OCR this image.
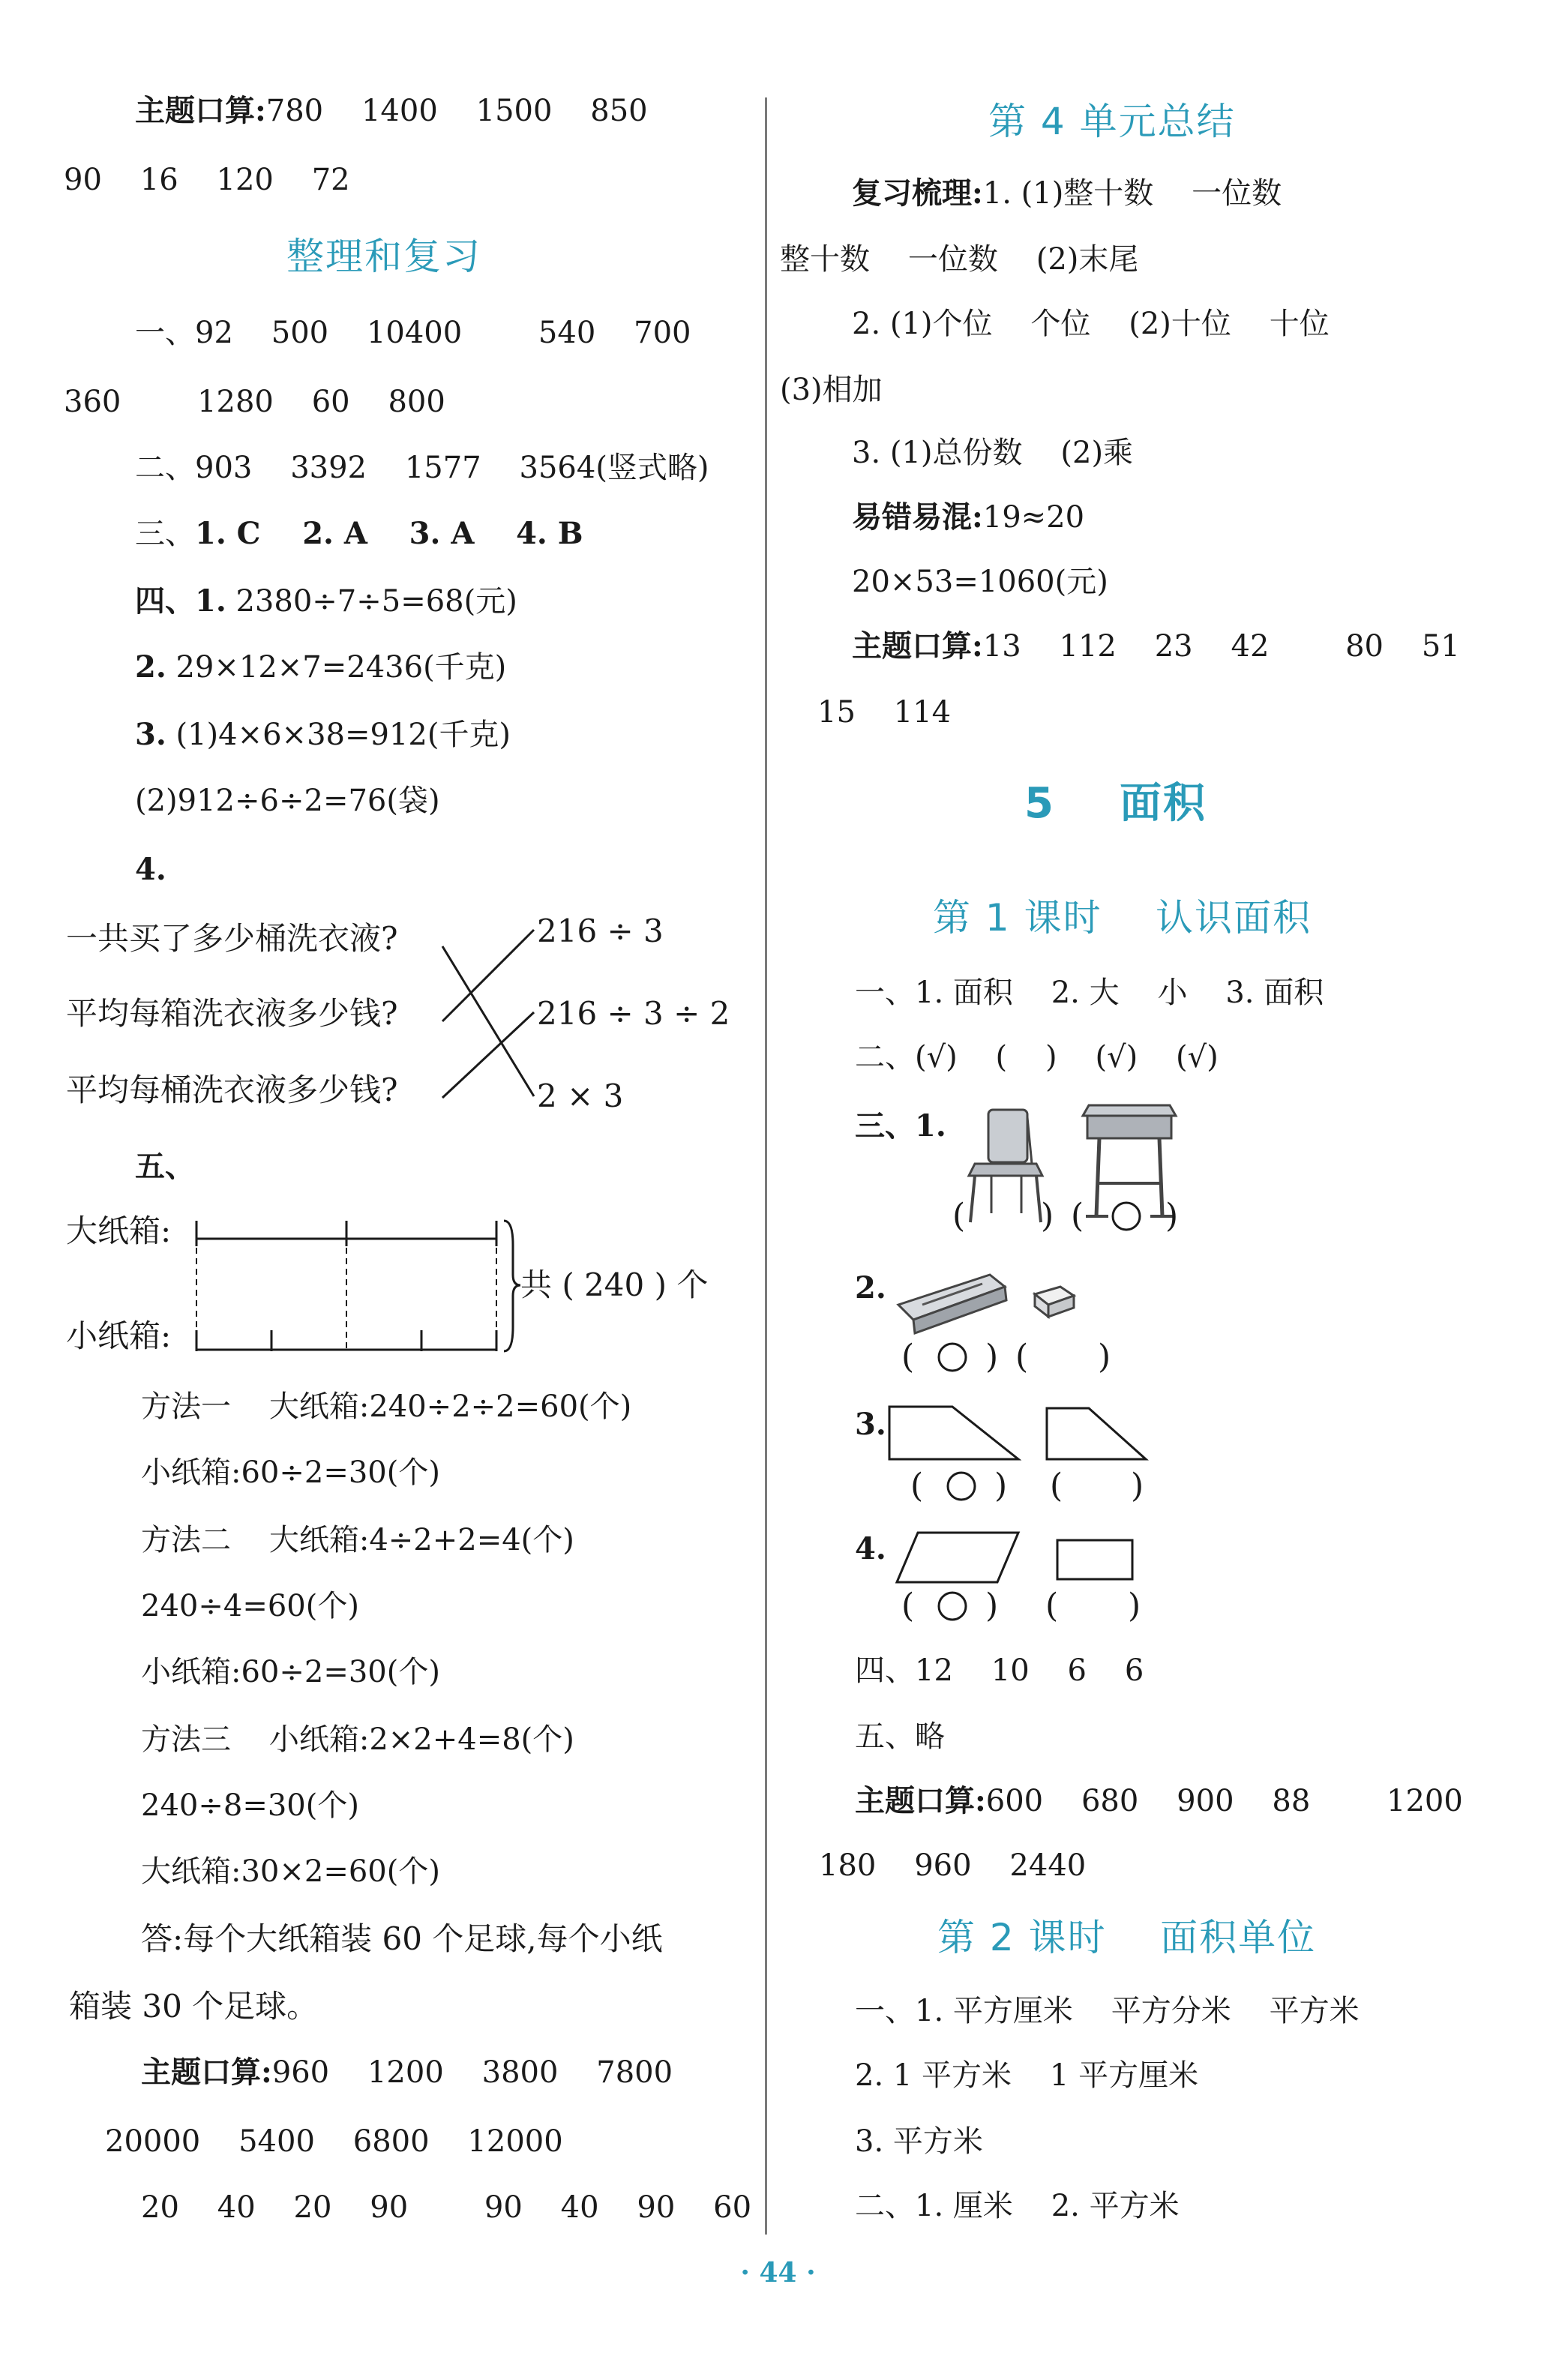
主题口算:780    1400    1500    850
90    16    120    72
整理和复习
一、92    500    10400        540    700
360        1280    60    800
二、903    3392    1577    3564(竖式略)
三、1. C    2. A    3. A    4. B
四、1. 2380÷7÷5=68(元)
2. 29×12×7=2436(千克)
3. (1)4×6×38=912(千克)
(2)912÷6÷2=76(袋)
4.
一共买了多少桶洗衣液?
平均每箱洗衣液多少钱?
平均每桶洗衣液多少钱?
216 ÷ 3
216 ÷ 3 ÷ 2
2 × 3
五、
大纸箱:
小纸箱:
共 ( 240 ) 个
方法一    大纸箱:240÷2÷2=60(个)
小纸箱:60÷2=30(个)
方法二    大纸箱:4÷2+2=4(个)
240÷4=60(个)
小纸箱:60÷2=30(个)
方法三    小纸箱:2×2+4=8(个)
240÷8=30(个)
大纸箱:30×2=60(个)
答:每个大纸箱装 60 个足球,每个小纸
箱装 30 个足球。
主题口算:960    1200    3800    7800
20000    5400    6800    12000
20    40    20    90        90    40    90    60
第 4 单元总结
复习梳理:1. (1)整十数    一位数
整十数    一位数    (2)末尾
2. (1)个位    个位    (2)十位    十位
(3)相加
3. (1)总份数    (2)乘
易错易混:19≈20
20×53=1060(元)
主题口算:13    112    23    42        80    51
15    114
5    面积
第 1 课时    认识面积
一、1. 面积    2. 大    小    3. 面积
二、(√)    (    )    (√)    (√)
三、1.
2.
3.
4.
( ) ( )
( ) ( )
( ) ( )
( ) ( )
四、12    10    6    6
五、略
主题口算:600    680    900    88        1200
180    960    2440
第 2 课时    面积单位
一、1. 平方厘米    平方分米    平方米
2. 1 平方米    1 平方厘米
3. 平方米
二、1. 厘米    2. 平方米
· 44 ·
